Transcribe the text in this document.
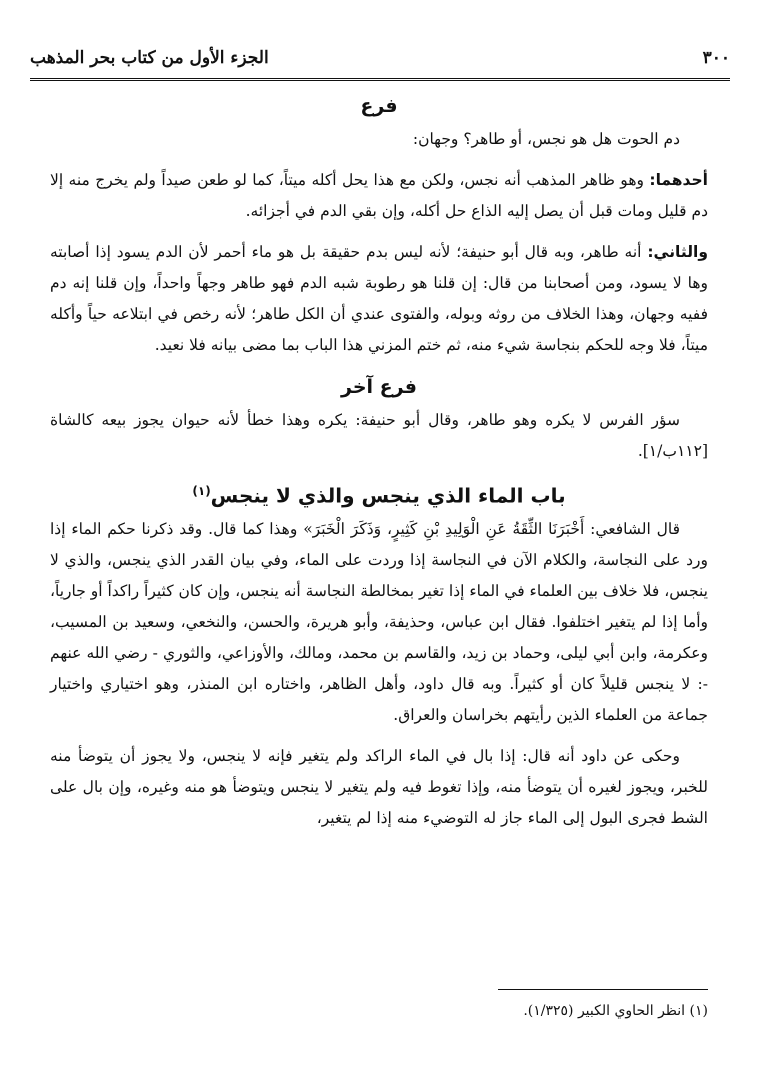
الجزء الأول من كتاب بحر المذهب	٣٠٠
فرع

دم الحوت هل هو نجس، أو طاهر؟ وجهان:

أحدهما: وهو ظاهر المذهب أنه نجس، ولكن مع هذا يحل أكله ميتاً، كما لو طعن صيداً ولم يخرج منه إلا دم قليل ومات قبل أن يصل إليه الذاع حل أكله، وإن بقي الدم في أجزائه.

والثاني: أنه طاهر، وبه قال أبو حنيفة؛ لأنه ليس بدم حقيقة بل هو ماء أحمر لأن الدم يسود إذا أصابته وها لا يسود، ومن أصحابنا من قال: إن قلنا هو رطوبة شبه الدم فهو طاهر وجهاً واحداً، وإن قلنا إنه دم ففيه وجهان، وهذا الخلاف من روثه وبوله، والفتوى عندي أن الكل طاهر؛ لأنه رخص في ابتلاعه حياً وأكله ميتاً، فلا وجه للحكم بنجاسة شيء منه، ثم ختم المزني هذا الباب بما مضى بيانه فلا نعيد.

فرع آخر

سؤر الفرس لا يكره وهو طاهر، وقال أبو حنيفة: يكره وهذا خطأ لأنه حيوان يجوز بيعه كالشاة [١١٢ب/١].

باب الماء الذي ينجس والذي لا ينجس$^{(١)}$

قال الشافعي: أَخْبَرَنَا الثِّقَةُ عَنِ الْوَلِيدِ بْنِ كَثِيرٍ، وَذَكَرَ الْخَبَرَ» وهذا كما قال. وقد ذكرنا حكم الماء إذا ورد على النجاسة، والكلام الآن في النجاسة إذا وردت على الماء، وفي بيان القدر الذي ينجس، والذي لا ينجس، فلا خلاف بين العلماء في الماء إذا تغير بمخالطة النجاسة أنه ينجس، وإن كان كثيراً راكداً أو جارياً، وأما إذا لم يتغير اختلفوا. فقال ابن عباس، وحذيفة، وأبو هريرة، والحسن، والنخعي، وسعيد بن المسيب، وعكرمة، وابن أبي ليلى، وحماد بن زيد، والقاسم بن محمد، ومالك، والأوزاعي، والثوري - رضي الله عنهم -: لا ينجس قليلاً كان أو كثيراً. وبه قال داود، وأهل الظاهر، واختاره ابن المنذر، وهو اختياري واختيار جماعة من العلماء الذين رأيتهم بخراسان والعراق.

وحكى عن داود أنه قال: إذا بال في الماء الراكد ولم يتغير فإنه لا ينجس، ولا يجوز أن يتوضأ منه للخبر، ويجوز لغيره أن يتوضأ منه، وإذا تغوط فيه ولم يتغير لا ينجس ويتوضأ هو منه وغيره، وإن بال على الشط فجرى البول إلى الماء جاز له التوضيء منه إذا لم يتغير،

(١) انظر الحاوي الكبير (١/٣٢٥).
